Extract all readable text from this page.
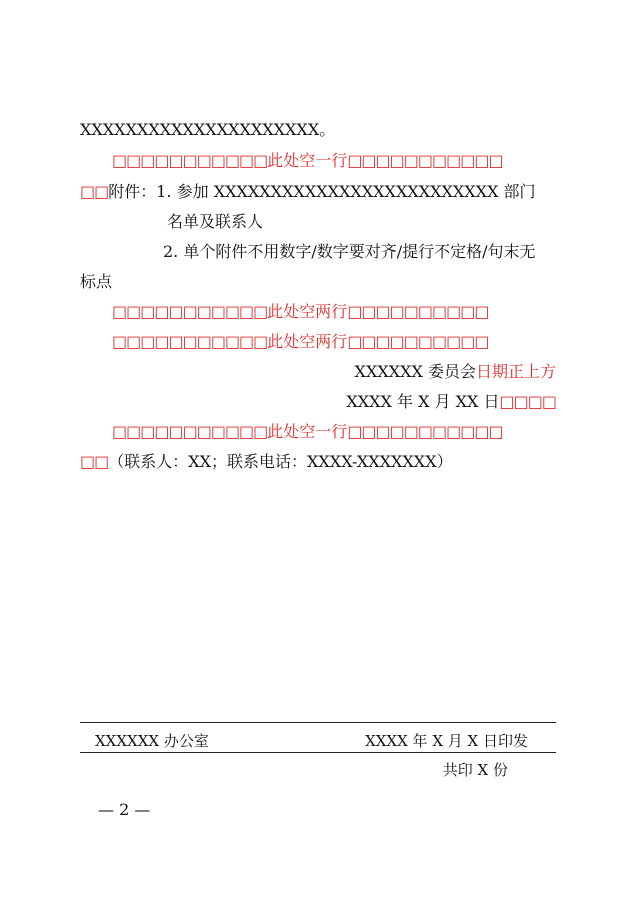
XXXXXXXXXXXXXXXXXXXXX。
□□□□□□□□□□□此处空一行□□□□□□□□□□□
□□附件：1. 参加 XXXXXXXXXXXXXXXXXXXXXXXXX 部门
名单及联系人
2. 单个附件不用数字/数字要对齐/提行不定格/句末无
标点
□□□□□□□□□□□此处空两行□□□□□□□□□□
□□□□□□□□□□□此处空两行□□□□□□□□□□
XXXXXX 委员会日期正上方
XXXX 年 X 月 XX 日□□□□
□□□□□□□□□□□此处空一行□□□□□□□□□□□
□□（联系人：XX；联系电话：XXXX-XXXXXXX）
XXXXXX 办公室	XXXX 年 X 月 X 日印发
共印 X 份
— 2 —
